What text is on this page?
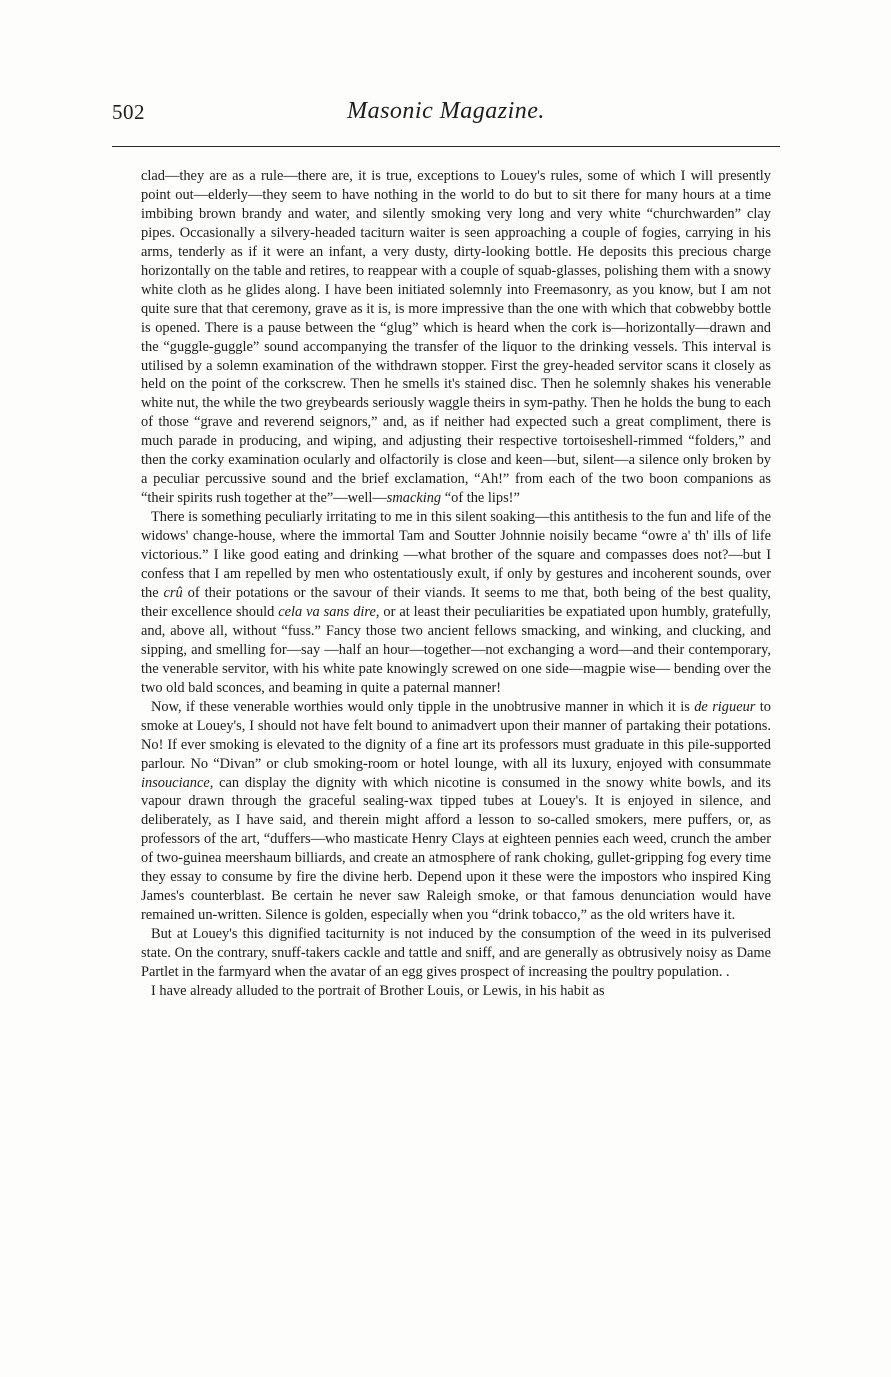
502	Masonic Magazine.

clad—they are as a rule—there are, it is true, exceptions to Louey's rules, some of which I will presently point out—elderly—they seem to have nothing in the world to do but to sit there for many hours at a time imbibing brown brandy and water, and silently smoking very long and very white “churchwarden” clay pipes. Occasionally a silvery-headed taciturn waiter is seen approaching a couple of fogies, carrying in his arms, tenderly as if it were an infant, a very dusty, dirty-looking bottle. He deposits this precious charge horizontally on the table and retires, to reappear with a couple of squab-glasses, polishing them with a snowy white cloth as he glides along. I have been initiated solemnly into Freemasonry, as you know, but I am not quite sure that that ceremony, grave as it is, is more impressive than the one with which that cobwebby bottle is opened. There is a pause between the “glug” which is heard when the cork is—horizontally—drawn and the “guggle-guggle” sound accompanying the transfer of the liquor to the drinking vessels. This interval is utilised by a solemn examination of the withdrawn stopper. First the grey-headed servitor scans it closely as held on the point of the corkscrew. Then he smells it's stained disc. Then he solemnly shakes his venerable white nut, the while the two greybeards seriously waggle theirs in sym-pathy. Then he holds the bung to each of those “grave and reverend seignors,” and, as if neither had expected such a great compliment, there is much parade in producing, and wiping, and adjusting their respective tortoiseshell-rimmed “folders,” and then the corky examination ocularly and olfactorily is close and keen—but, silent—a silence only broken by a peculiar percussive sound and the brief exclamation, “Ah!” from each of the two boon companions as “their spirits rush together at the”—well—smacking “of the lips!”

There is something peculiarly irritating to me in this silent soaking—this antithesis to the fun and life of the widows' change-house, where the immortal Tam and Soutter Johnnie noisily became “owre a' th' ills of life victorious.” I like good eating and drinking —what brother of the square and compasses does not?—but I confess that I am repelled by men who ostentatiously exult, if only by gestures and incoherent sounds, over the crû of their potations or the savour of their viands. It seems to me that, both being of the best quality, their excellence should cela va sans dire, or at least their peculiarities be expatiated upon humbly, gratefully, and, above all, without “fuss.” Fancy those two ancient fellows smacking, and winking, and clucking, and sipping, and smelling for—say —half an hour—together—not exchanging a word—and their contemporary, the venerable servitor, with his white pate knowingly screwed on one side—magpie wise— bending over the two old bald sconces, and beaming in quite a paternal manner!

Now, if these venerable worthies would only tipple in the unobtrusive manner in which it is de rigueur to smoke at Louey's, I should not have felt bound to animadvert upon their manner of partaking their potations. No! If ever smoking is elevated to the dignity of a fine art its professors must graduate in this pile-supported parlour. No “Divan” or club smoking-room or hotel lounge, with all its luxury, enjoyed with consummate insouciance, can display the dignity with which nicotine is consumed in the snowy white bowls, and its vapour drawn through the graceful sealing-wax tipped tubes at Louey's. It is enjoyed in silence, and deliberately, as I have said, and therein might afford a lesson to so-called smokers, mere puffers, or, as professors of the art, “duffers—who masticate Henry Clays at eighteen pennies each weed, crunch the amber of two-guinea meershaum billiards, and create an atmosphere of rank choking, gullet-gripping fog every time they essay to consume by fire the divine herb. Depend upon it these were the impostors who inspired King James's counterblast. Be certain he never saw Raleigh smoke, or that famous denunciation would have remained un-written. Silence is golden, especially when you “drink tobacco,” as the old writers have it.

But at Louey's this dignified taciturnity is not induced by the consumption of the weed in its pulverised state. On the contrary, snuff-takers cackle and tattle and sniff, and are generally as obtrusively noisy as Dame Partlet in the farmyard when the avatar of an egg gives prospect of increasing the poultry population. .

I have already alluded to the portrait of Brother Louis, or Lewis, in his habit as
